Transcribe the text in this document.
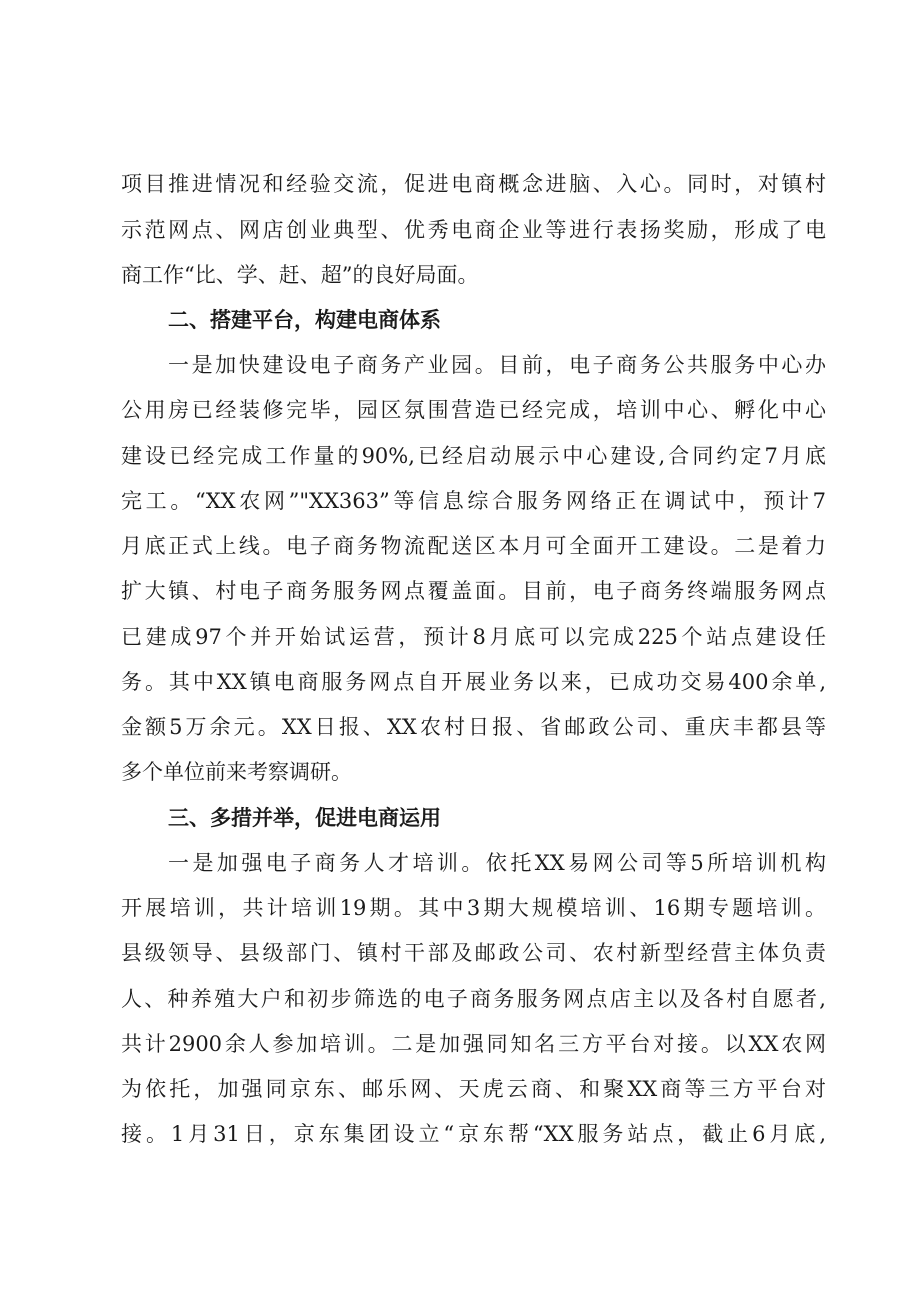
项目推进情况和经验交流，促进电商概念进脑、入心。同时，对镇村
示范网点、网店创业典型、优秀电商企业等进行表扬奖励，形成了电
商工作“比、学、赶、超”的良好局面。
二、搭建平台，构建电商体系
一是加快建设电子商务产业园。目前，电子商务公共服务中心办
公用房已经装修完毕，园区氛围营造已经完成，培训中心、孵化中心
建设已经完成工作量的90%,已经启动展示中心建设,合同约定7月底
完工。“XX农网”"XX363”等信息综合服务网络正在调试中，预计7
月底正式上线。电子商务物流配送区本月可全面开工建设。二是着力
扩大镇、村电子商务服务网点覆盖面。目前，电子商务终端服务网点
已建成97个并开始试运营，预计8月底可以完成225个站点建设任
务。其中XX镇电商服务网点自开展业务以来，已成功交易400余单,
金额5万余元。XX日报、XX农村日报、省邮政公司、重庆丰都县等
多个单位前来考察调研。
三、多措并举，促进电商运用
一是加强电子商务人才培训。依托XX易网公司等5所培训机构
开展培训，共计培训19期。其中3期大规模培训、16期专题培训。
县级领导、县级部门、镇村干部及邮政公司、农村新型经营主体负责
人、种养殖大户和初步筛选的电子商务服务网点店主以及各村自愿者,
共计2900余人参加培训。二是加强同知名三方平台对接。以XX农网
为依托，加强同京东、邮乐网、天虎云商、和聚XX商等三方平台对
接。1月31日，京东集团设立“京东帮“XX服务站点，截止6月底,
